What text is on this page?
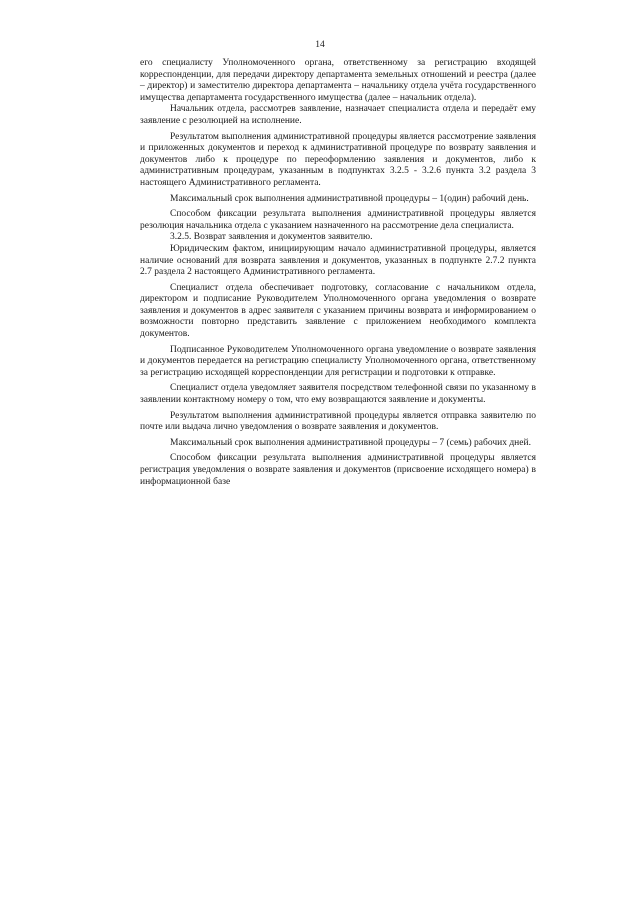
14

его специалисту Уполномоченного органа, ответственному за регистрацию входящей корреспонденции, для передачи директору департамента земельных отношений и реестра (далее – директор) и заместителю директора департамента – начальнику отдела учёта государственного имущества департамента государственного имущества (далее – начальник отдела).

Начальник отдела, рассмотрев заявление, назначает специалиста отдела и передаёт ему заявление с резолюцией на исполнение.

Результатом выполнения административной процедуры является рассмотрение заявления и приложенных документов и переход к административной процедуре по возврату заявления и документов либо к процедуре по переоформлению заявления и документов, либо к административным процедурам, указанным в подпунктах 3.2.5 - 3.2.6 пункта 3.2 раздела 3 настоящего Административного регламента.

Максимальный срок выполнения административной процедуры – 1(один) рабочий день.

Способом фиксации результата выполнения административной процедуры является резолюция начальника отдела с указанием назначенного на рассмотрение дела специалиста.

3.2.5. Возврат заявления и документов заявителю.

Юридическим фактом, инициирующим начало административной процедуры, является наличие оснований для возврата заявления и документов, указанных в подпункте 2.7.2 пункта 2.7 раздела 2 настоящего Административного регламента.

Специалист отдела обеспечивает подготовку, согласование с начальником отдела, директором и подписание Руководителем Уполномоченного органа уведомления о возврате заявления и документов в адрес заявителя с указанием причины возврата и информированием о возможности повторно представить заявление с приложением необходимого комплекта документов.

Подписанное Руководителем Уполномоченного органа уведомление о возврате заявления и документов передается на регистрацию специалисту Уполномоченного органа, ответственному за регистрацию исходящей корреспонденции для регистрации и подготовки к отправке.

Специалист отдела уведомляет заявителя посредством телефонной связи по указанному в заявлении контактному номеру о том, что ему возвращаются заявление и документы.

Результатом выполнения административной процедуры является отправка заявителю по почте или выдача лично уведомления о возврате заявления и документов.

Максимальный срок выполнения административной процедуры – 7 (семь) рабочих дней.

Способом фиксации результата выполнения административной процедуры является регистрация уведомления о возврате заявления и документов (присвоение исходящего номера) в информационной базе
